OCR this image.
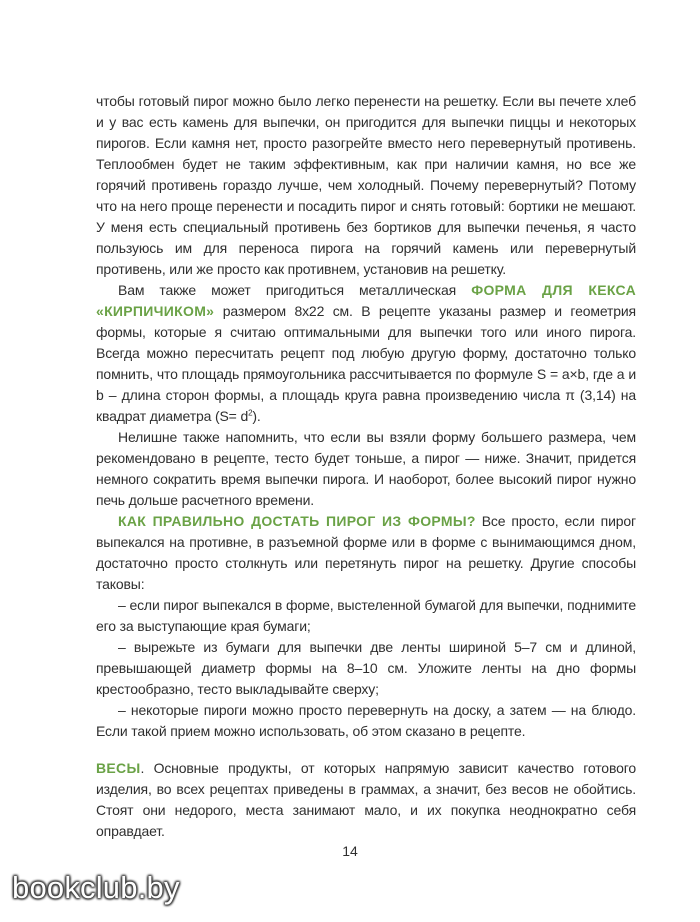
чтобы готовый пирог можно было легко перенести на решетку. Если вы печете хлеб и у вас есть камень для выпечки, он пригодится для выпечки пиццы и некоторых пирогов. Если камня нет, просто разогрейте вместо него перевернутый противень. Теплообмен будет не таким эффективным, как при наличии камня, но все же горячий противень гораздо лучше, чем холодный. Почему перевернутый? Потому что на него проще перенести и посадить пирог и снять готовый: бортики не мешают. У меня есть специальный противень без бортиков для выпечки печенья, я часто пользуюсь им для переноса пирога на горячий камень или перевернутый противень, или же просто как противнем, установив на решетку.

Вам также может пригодиться металлическая ФОРМА ДЛЯ КЕКСА «КИРПИЧИКОМ» размером 8х22 см. В рецепте указаны размер и геометрия формы, которые я считаю оптимальными для выпечки того или иного пирога. Всегда можно пересчитать рецепт под любую другую форму, достаточно только помнить, что площадь прямоугольника рассчитывается по формуле S = a×b, где a и b – длина сторон формы, а площадь круга равна произведению числа π (3,14) на квадрат диаметра $(S= d^2)$.

Нелишне также напомнить, что если вы взяли форму большего размера, чем рекомендовано в рецепте, тесто будет тоньше, а пирог — ниже. Значит, придется немного сократить время выпечки пирога. И наоборот, более высокий пирог нужно печь дольше расчетного времени.

КАК ПРАВИЛЬНО ДОСТАТЬ ПИРОГ ИЗ ФОРМЫ? Все просто, если пирог выпекался на противне, в разъемной форме или в форме с вынимающимся дном, достаточно просто столкнуть или перетянуть пирог на решетку. Другие способы таковы:

– если пирог выпекался в форме, выстеленной бумагой для выпечки, поднимите его за выступающие края бумаги;

– вырежьте из бумаги для выпечки две ленты шириной 5–7 см и длиной, превышающей диаметр формы на 8–10 см. Уложите ленты на дно формы крестообразно, тесто выкладывайте сверху;

– некоторые пироги можно просто перевернуть на доску, а затем — на блюдо. Если такой прием можно использовать, об этом сказано в рецепте.

ВЕСЫ. Основные продукты, от которых напрямую зависит качество готового изделия, во всех рецептах приведены в граммах, а значит, без весов не обойтись. Стоят они недорого, места занимают мало, и их покупка неоднократно себя оправдает.

14
bookclub.by
